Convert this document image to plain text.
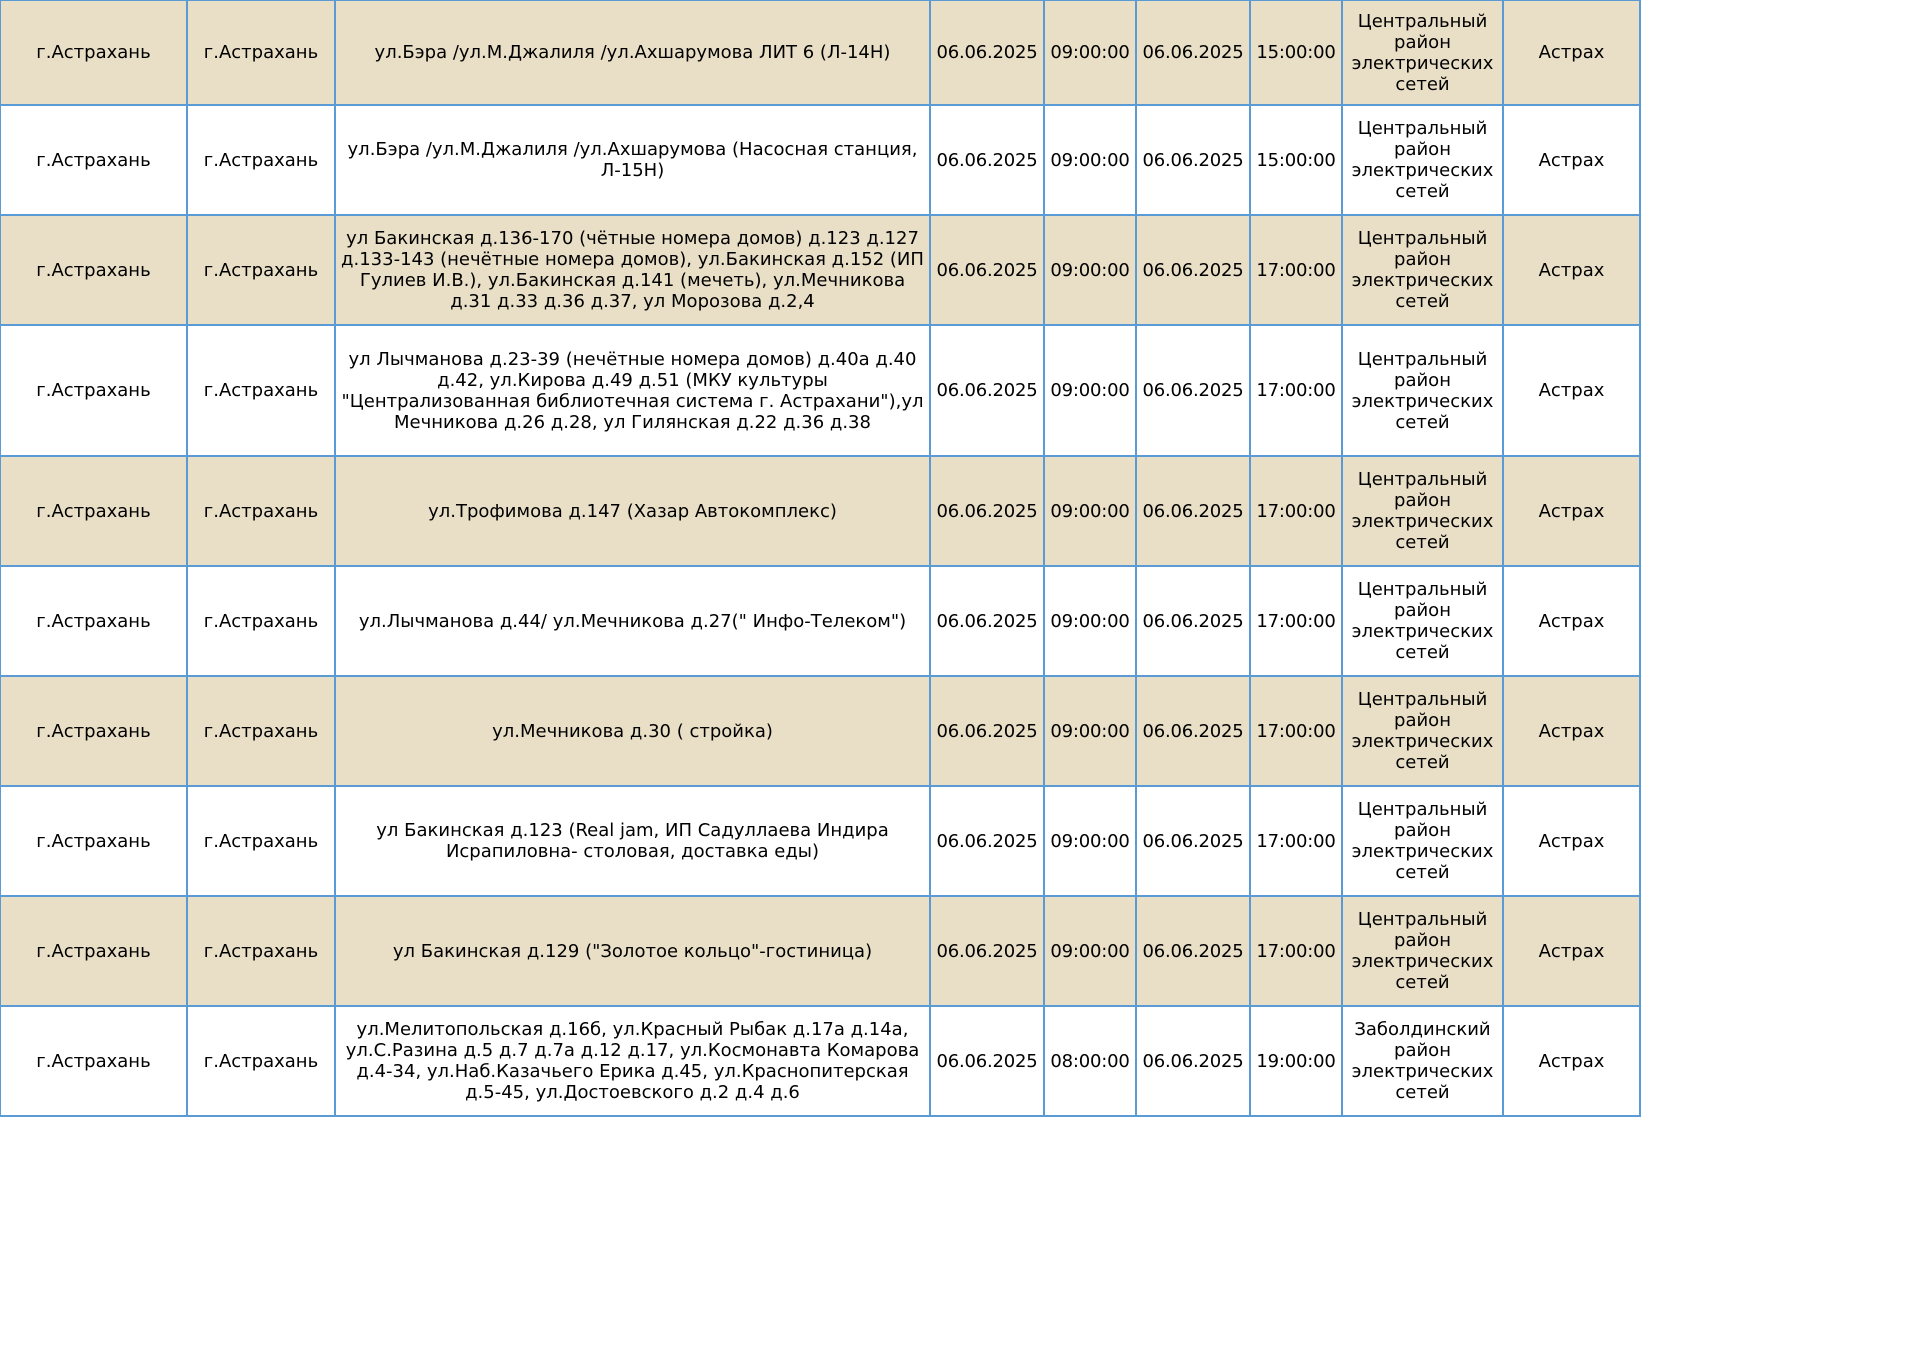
г.Астрахань	г.Астрахань	ул.Бэра /ул.М.Джалиля /ул.Ахшарумова ЛИТ 6 (Л-14Н)	06.06.2025	09:00:00	06.06.2025	15:00:00	Центральный район электрических сетей	Астрах
г.Астрахань	г.Астрахань	ул.Бэра /ул.М.Джалиля /ул.Ахшарумова (Насосная станция, Л-15Н)	06.06.2025	09:00:00	06.06.2025	15:00:00	Центральный район электрических сетей	Астрах
г.Астрахань	г.Астрахань	ул Бакинская д.136-170 (чётные номера домов) д.123 д.127 д.133-143 (нечётные номера домов), ул.Бакинская д.152 (ИП Гулиев И.В.), ул.Бакинская д.141 (мечеть), ул.Мечникова д.31 д.33 д.36 д.37, ул Морозова д.2,4	06.06.2025	09:00:00	06.06.2025	17:00:00	Центральный район электрических сетей	Астрах
г.Астрахань	г.Астрахань	ул Лычманова д.23-39 (нечётные номера домов) д.40а д.40 д.42, ул.Кирова д.49 д.51 (МКУ культуры "Централизованная библиотечная система г. Астрахани"),ул Мечникова д.26 д.28, ул Гилянская д.22 д.36 д.38	06.06.2025	09:00:00	06.06.2025	17:00:00	Центральный район электрических сетей	Астрах
г.Астрахань	г.Астрахань	ул.Трофимова д.147 (Хазар Автокомплекс)	06.06.2025	09:00:00	06.06.2025	17:00:00	Центральный район электрических сетей	Астрах
г.Астрахань	г.Астрахань	ул.Лычманова д.44/ ул.Мечникова д.27(" Инфо-Телеком")	06.06.2025	09:00:00	06.06.2025	17:00:00	Центральный район электрических сетей	Астрах
г.Астрахань	г.Астрахань	ул.Мечникова д.30 ( стройка)	06.06.2025	09:00:00	06.06.2025	17:00:00	Центральный район электрических сетей	Астрах
г.Астрахань	г.Астрахань	ул Бакинская д.123 (Real jam, ИП Садуллаева Индира Исрапиловна- столовая, доставка еды)	06.06.2025	09:00:00	06.06.2025	17:00:00	Центральный район электрических сетей	Астрах
г.Астрахань	г.Астрахань	ул Бакинская д.129 ("Золотое кольцо"-гостиница)	06.06.2025	09:00:00	06.06.2025	17:00:00	Центральный район электрических сетей	Астрах
г.Астрахань	г.Астрахань	ул.Мелитопольская д.16б, ул.Красный Рыбак д.17а д.14а, ул.С.Разина д.5 д.7 д.7а д.12 д.17, ул.Космонавта Комарова д.4-34, ул.Наб.Казачьего Ерика д.45, ул.Краснопитерская д.5-45, ул.Достоевского д.2 д.4 д.6	06.06.2025	08:00:00	06.06.2025	19:00:00	Заболдинский район электрических сетей	Астрах
